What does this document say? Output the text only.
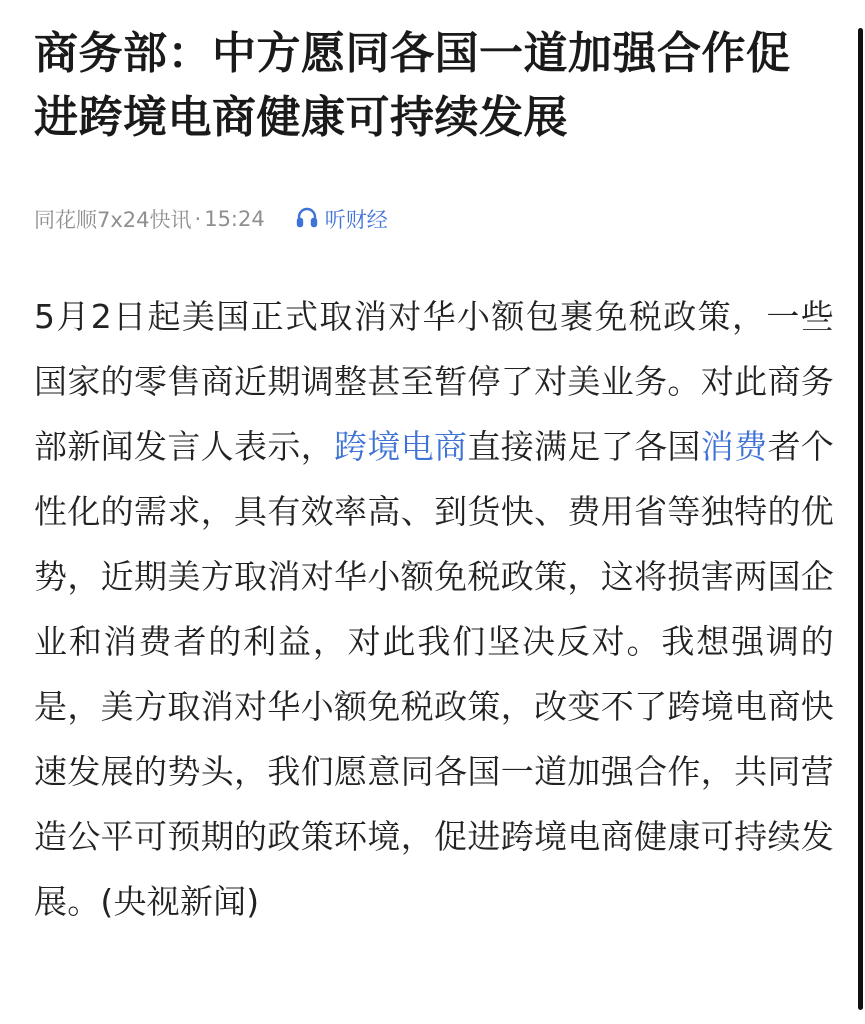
商务部：中方愿同各国一道加强合作促进跨境电商健康可持续发展
同花顺7x24快讯 · 15:24	听财经
5月2日起美国正式取消对华小额包裹免税政策，一些国家的零售商近期调整甚至暂停了对美业务。对此商务部新闻发言人表示，跨境电商直接满足了各国消费者个性化的需求，具有效率高、到货快、费用省等独特的优势，近期美方取消对华小额免税政策，这将损害两国企业和消费者的利益，对此我们坚决反对。我想强调的是，美方取消对华小额免税政策，改变不了跨境电商快速发展的势头，我们愿意同各国一道加强合作，共同营造公平可预期的政策环境，促进跨境电商健康可持续发展。(央视新闻)
